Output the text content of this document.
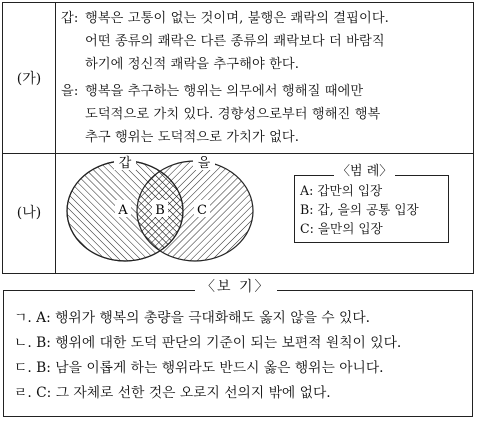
(가)
(나)
갑: 행복은 고통이 없는 것이며, 불행은 쾌락의 결핍이다.
어떤 종류의 쾌락은 다른 종류의 쾌락보다 더 바람직
하기에 정신적 쾌락을 추구해야 한다.
을: 행복을 추구하는 행위는 의무에서 행해질 때에만
도덕적으로 가치 있다. 경향성으로부터 행해진 행복
추구 행위는 도덕적으로 가치가 없다.
갑	을
A B C
〈범 례〉
A: 갑만의 입장
B: 갑, 을의 공통 입장
C: 을만의 입장
〈보 기〉
ㄱ. A: 행위가 행복의 총량을 극대화해도 옳지 않을 수 있다.
ㄴ. B: 행위에 대한 도덕 판단의 기준이 되는 보편적 원칙이 있다.
ㄷ. B: 남을 이롭게 하는 행위라도 반드시 옳은 행위는 아니다.
ㄹ. C: 그 자체로 선한 것은 오로지 선의지 밖에 없다.
